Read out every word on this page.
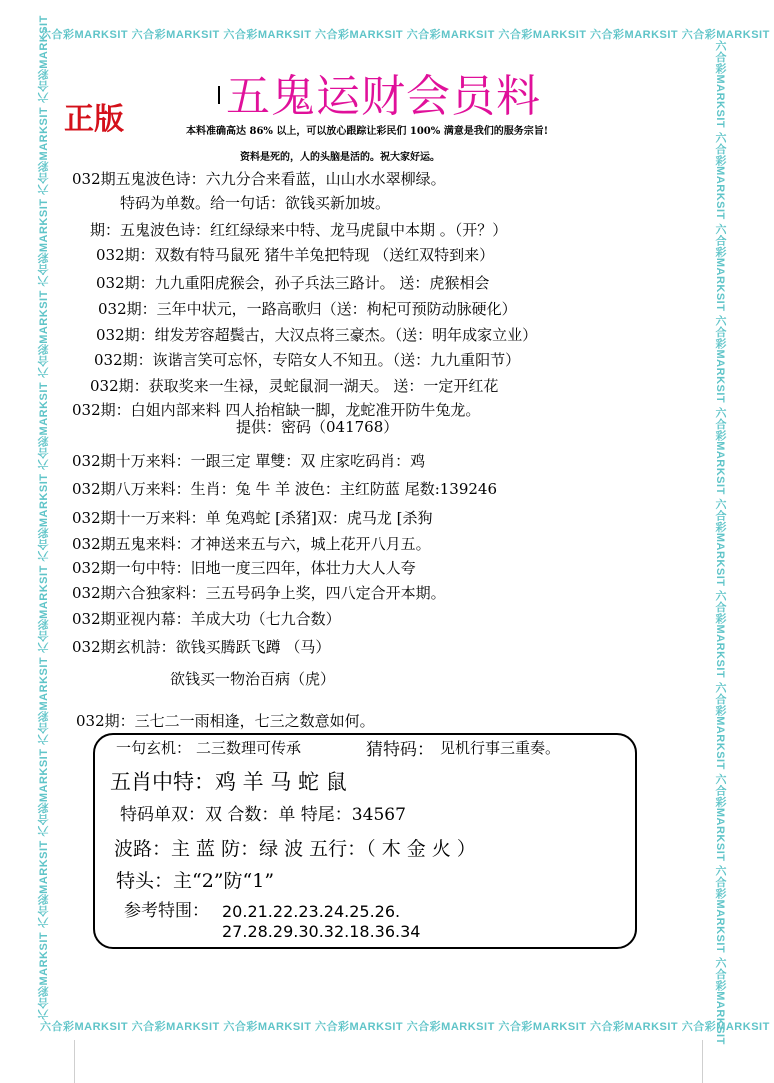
六合彩MARKSIT 六合彩MARKSIT 六合彩MARKSIT 六合彩MARKSIT 六合彩MARKSIT 六合彩MARKSIT 六合彩MARKSIT 六合彩MARKSIT
六合彩MARKSIT 六合彩MARKSIT 六合彩MARKSIT 六合彩MARKSIT 六合彩MARKSIT 六合彩MARKSIT 六合彩MARKSIT 六合彩MARKSIT
六合彩MARKSIT 六合彩MARKSIT 六合彩MARKSIT 六合彩MARKSIT 六合彩MARKSIT 六合彩MARKSIT 六合彩MARKSIT 六合彩MARKSIT 六合彩MARKSIT 六合彩MARKSIT 六合彩MARKSIT	六合彩MARKSIT 六合彩MARKSIT 六合彩MARKSIT 六合彩MARKSIT 六合彩MARKSIT 六合彩MARKSIT 六合彩MARKSIT 六合彩MARKSIT 六合彩MARKSIT 六合彩MARKSIT 六合彩MARKSIT
五鬼运财会员料
正版	本料准确高达 86% 以上，可以放心跟踪让彩民们 100% 满意是我们的服务宗旨!
资料是死的，人的头脑是活的。祝大家好运。
032期五鬼波色诗：六九分合来看蓝，山山水水翠柳绿。
特码为单数。给一句话：欲钱买新加坡。
期：五鬼波色诗：红红绿绿来中特、龙马虎鼠中本期 。（开？）
032期：双数有特马鼠死 猪牛羊兔把特现 （送红双特到来）
032期：九九重阳虎猴会，孙子兵法三路计。 送：虎猴相会
032期：三年中状元，一路高歌归（送：枸杞可预防动脉硬化）
032期：绀发芳容超鬓古，大汉点将三豪杰。（送：明年成家立业）
032期：诙谐言笑可忘怀，专陪女人不知丑。（送：九九重阳节）
032期：获取奖来一生禄，灵蛇鼠洞一湖天。 送：一定开红花
032期：白姐内部来料 四人抬棺缺一脚，龙蛇准开防牛兔龙。
提供：密码（041768）
032期十万来料：一跟三定 單雙：双 庄家吃码肖：鸡
032期八万来料：生肖：兔 牛 羊 波色：主红防蓝 尾数:139246
032期十一万来料：单 兔鸡蛇 [杀猪]双：虎马龙 [杀狗
032期五鬼来料：才神送来五与六，城上花开八月五。
032期一句中特：旧地一度三四年，体壮力大人人夸
032期六合独家料：三五号码争上奖，四八定合开本期。
032期亚视内幕：羊成大功（七九合数）
032期玄机詩：欲钱买腾跃飞蹲 （马）
欲钱买一物治百病（虎）
032期：三七二一雨相逢，七三之数意如何。
一句玄机： 二三数理可传承	猜特码： 见机行事三重奏。
五肖中特：鸡 羊 马 蛇 鼠
特码单双：双 合数：单 特尾：34567
波路：主 蓝 防：绿 波 五行：（ 木 金 火 ）
特头：主“2”防“1”
参考特围： 20.21.22.23.24.25.26.
27.28.29.30.32.18.36.34
